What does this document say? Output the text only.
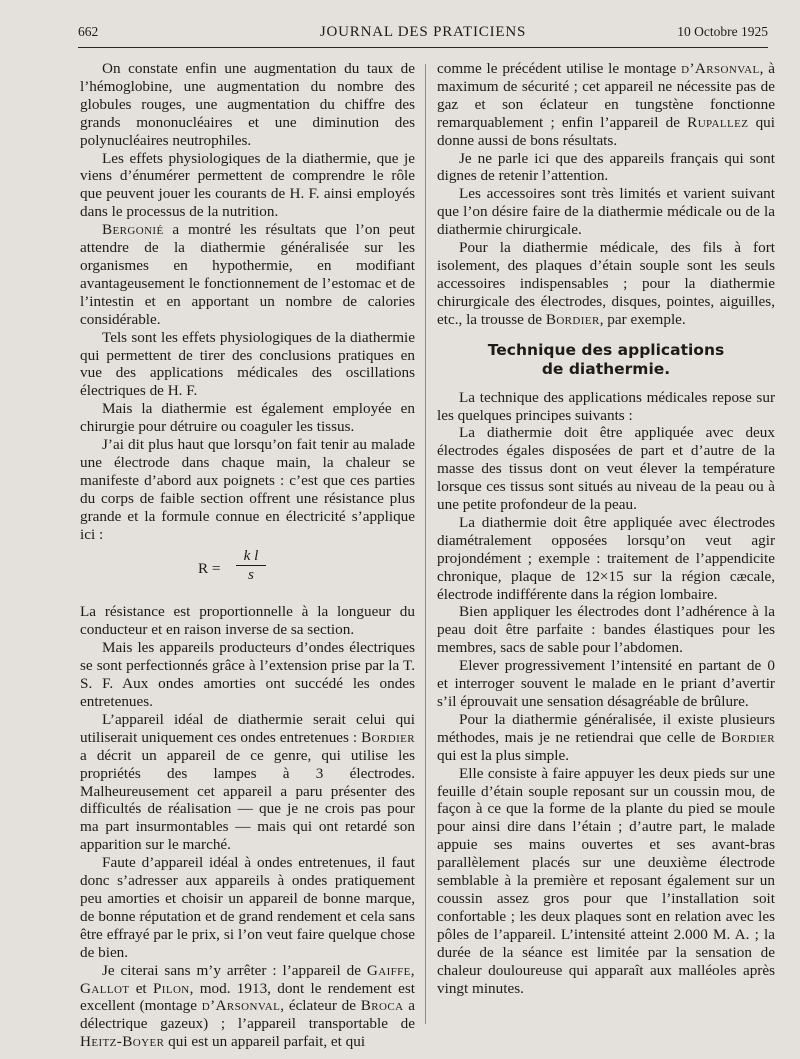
662	JOURNAL DES PRATICIENS	10 Octobre 1925

On constate enfin une augmentation du taux de l’hémoglobine, une augmentation du nombre des globules rouges, une augmentation du chiffre des grands mononucléaires et une diminution des polynucléaires neutrophiles.

Les effets physiologiques de la diathermie, que je viens d’énumérer permettent de comprendre le rôle que peuvent jouer les courants de H. F. ainsi employés dans le processus de la nutrition.

Bergonié a montré les résultats que l’on peut attendre de la diathermie généralisée sur les organismes en hypothermie, en modifiant avantageusement le fonctionnement de l’estomac et de l’intestin et en apportant un nombre de calories considérable.

Tels sont les effets physiologiques de la diathermie qui permettent de tirer des conclusions pratiques en vue des applications médicales des oscillations électriques de H. F.

Mais la diathermie est également employée en chirurgie pour détruire ou coaguler les tissus.

J’ai dit plus haut que lorsqu’on fait tenir au malade une électrode dans chaque main, la chaleur se manifeste d’abord aux poignets : c’est que ces parties du corps de faible section offrent une résistance plus grande et la formule connue en électricité s’applique ici :

$R = \frac{\text{k l}}{s}$

La résistance est proportionnelle à la longueur du conducteur et en raison inverse de sa section.

Mais les appareils producteurs d’ondes électriques se sont perfectionnés grâce à l’extension prise par la T. S. F. Aux ondes amorties ont succédé les ondes entretenues.

L’appareil idéal de diathermie serait celui qui utiliserait uniquement ces ondes entretenues : Bordier a décrit un appareil de ce genre, qui utilise les propriétés des lampes à 3 électrodes. Malheureusement cet appareil a paru présenter des difficultés de réalisation — que je ne crois pas pour ma part insurmontables — mais qui ont retardé son apparition sur le marché.

Faute d’appareil idéal à ondes entretenues, il faut donc s’adresser aux appareils à ondes pratiquement peu amorties et choisir un appareil de bonne marque, de bonne réputation et de grand rendement et cela sans être effrayé par le prix, si l’on veut faire quelque chose de bien.

Je citerai sans m’y arrêter : l’appareil de Gaiffe, Gallot et Pilon, mod. 1913, dont le rendement est excellent (montage d’Arsonval, éclateur de Broca a délectrique gazeux) ; l’appareil transportable de Heitz-Boyer qui est un appareil parfait, et qui

comme le précédent utilise le montage d’Arsonval, à maximum de sécurité ; cet appareil ne nécessite pas de gaz et son éclateur en tungstène fonctionne remarquablement ; enfin l’appareil de Rupallez qui donne aussi de bons résultats.

Je ne parle ici que des appareils français qui sont dignes de retenir l’attention.

Les accessoires sont très limités et varient suivant que l’on désire faire de la diathermie médicale ou de la diathermie chirurgicale.

Pour la diathermie médicale, des fils à fort isolement, des plaques d’étain souple sont les seuls accessoires indispensables ; pour la diathermie chirurgicale des électrodes, disques, pointes, aiguilles, etc., la trousse de Bordier, par exemple.

Technique des applications
de diathermie.

La technique des applications médicales repose sur les quelques principes suivants :

La diathermie doit être appliquée avec deux électrodes égales disposées de part et d’autre de la masse des tissus dont on veut élever la température lorsque ces tissus sont situés au niveau de la peau ou à une petite profondeur de la peau.

La diathermie doit être appliquée avec électrodes diamétralement opposées lorsqu’on veut agir projondément ; exemple : traitement de l’appendicite chronique, plaque de 12×15 sur la région cæcale, électrode indifférente dans la région lombaire.

Bien appliquer les électrodes dont l’adhérence à la peau doit être parfaite : bandes élastiques pour les membres, sacs de sable pour l’abdomen.

Elever progressivement l’intensité en partant de 0 et interroger souvent le malade en le priant d’avertir s’il éprouvait une sensation désagréable de brûlure.

Pour la diathermie généralisée, il existe plusieurs méthodes, mais je ne retiendrai que celle de Bordier qui est la plus simple.

Elle consiste à faire appuyer les deux pieds sur une feuille d’étain souple reposant sur un coussin mou, de façon à ce que la forme de la plante du pied se moule pour ainsi dire dans l’étain ; d’autre part, le malade appuie ses mains ouvertes et ses avant-bras parallèlement placés sur une deuxième électrode semblable à la première et reposant également sur un coussin assez gros pour que l’installation soit confortable ; les deux plaques sont en relation avec les pôles de l’appareil. L’intensité atteint 2.000 M. A. ; la durée de la séance est limitée par la sensation de chaleur douloureuse qui apparaît aux malléoles après vingt minutes.
